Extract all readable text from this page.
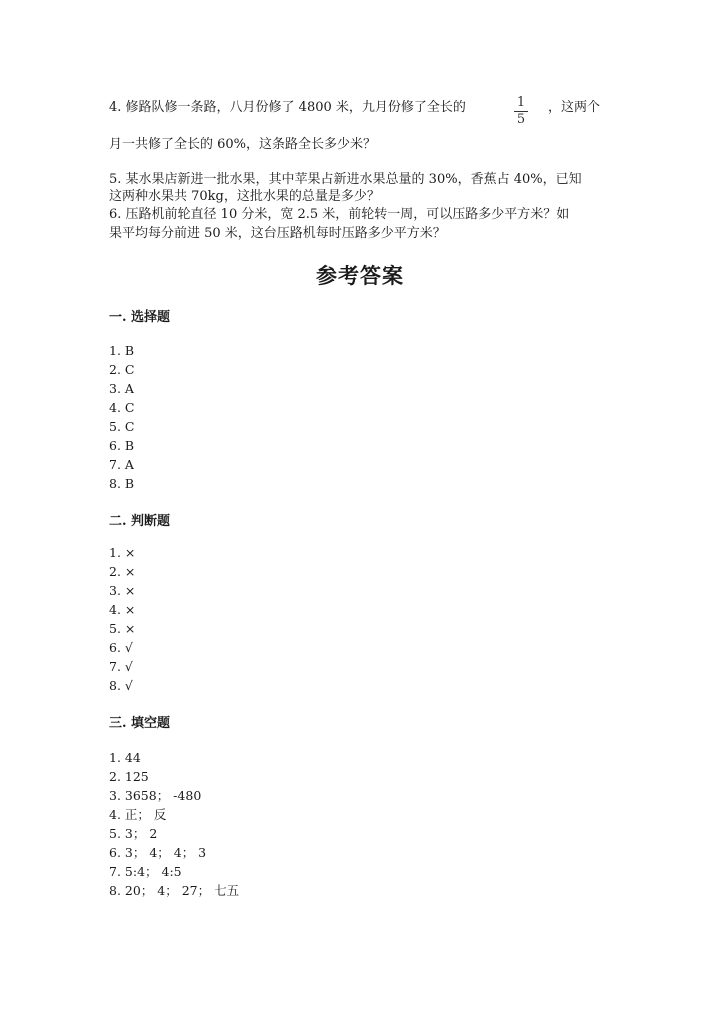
4. 修路队修一条路，八月份修了 4800 米，九月份修了全长的	1
5
，这两个
月一共修了全长的 60%，这条路全长多少米？
5. 某水果店新进一批水果，其中苹果占新进水果总量的 30%，香蕉占 40%，已知
这两种水果共 70kg，这批水果的总量是多少？
6. 压路机前轮直径 10 分米，宽 2.5 米，前轮转一周，可以压路多少平方米？如
果平均每分前进 50 米，这台压路机每时压路多少平方米？
参考答案
一. 选择题
1. B
2. C
3. A
4. C
5. C
6. B
7. A
8. B
二. 判断题
1. ×
2. ×
3. ×
4. ×
5. ×
6. √
7. √
8. √
三. 填空题
1. 44
2. 125
3. 3658； -480
4. 正； 反
5. 3； 2
6. 3； 4； 4； 3
7. 5:4； 4:5
8. 20； 4； 27； 七五
